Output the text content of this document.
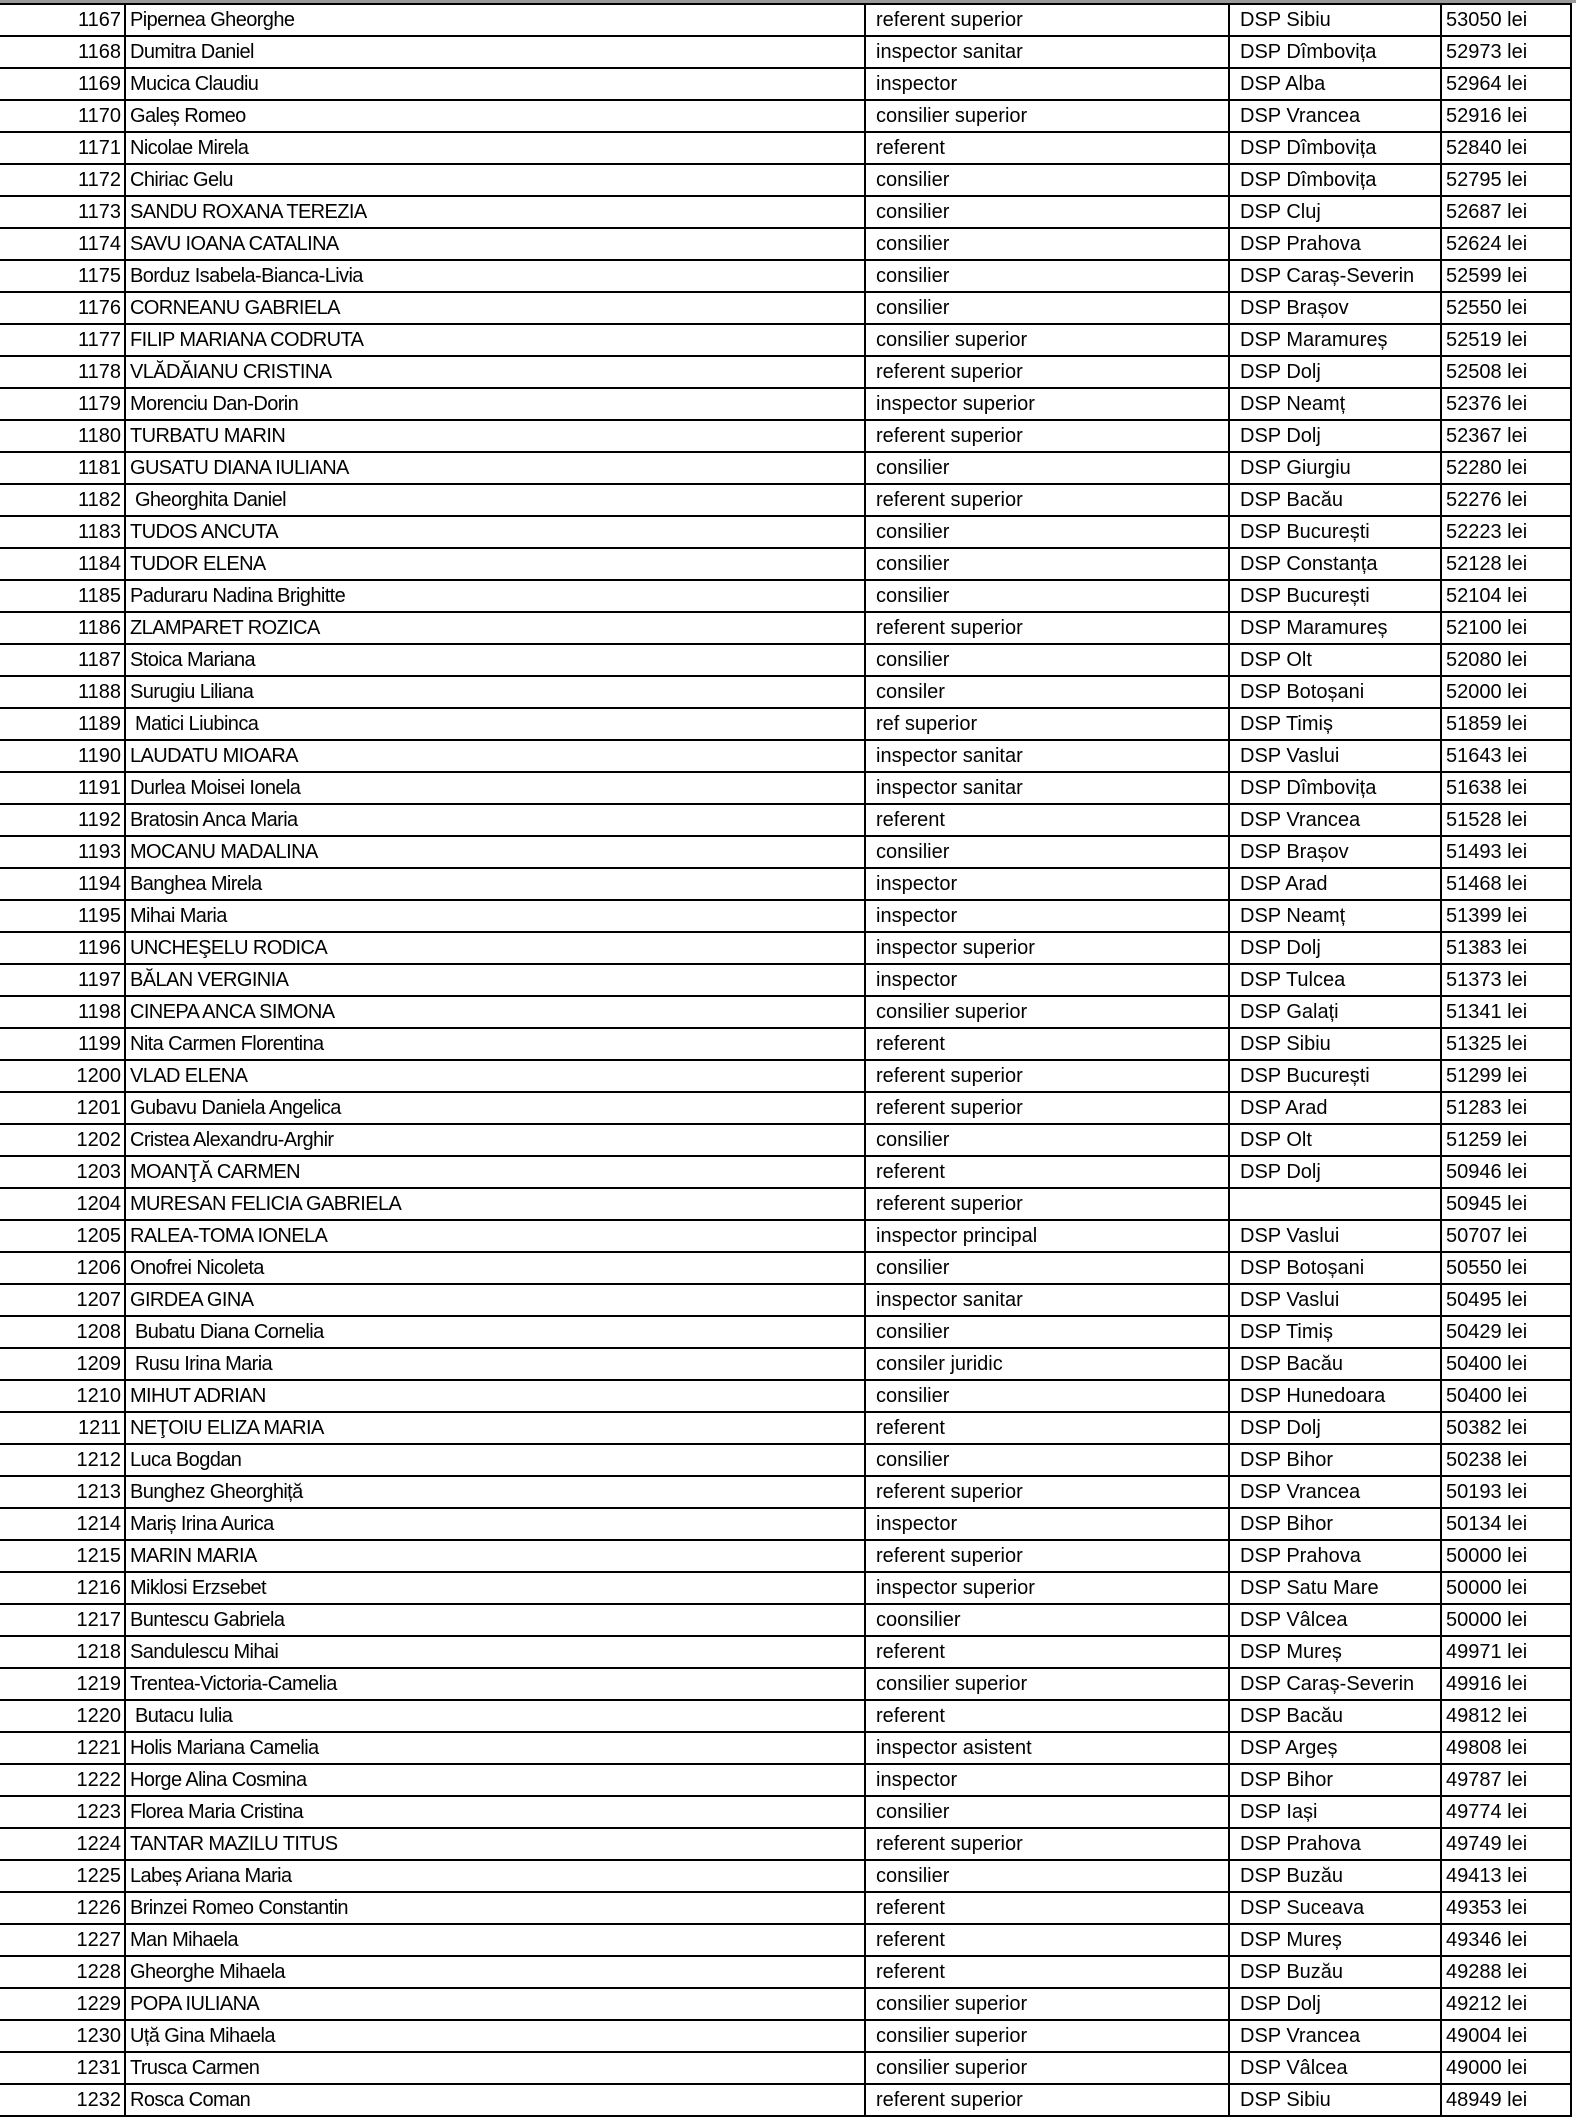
1167	Pipernea Gheorghe	referent superior	DSP Sibiu	53050 lei
1168	Dumitra Daniel	inspector sanitar	DSP Dîmbovița	52973 lei
1169	Mucica Claudiu	inspector	DSP Alba	52964 lei
1170	Galeș Romeo	consilier superior	DSP Vrancea	52916 lei
1171	Nicolae Mirela	referent	DSP Dîmbovița	52840 lei
1172	Chiriac Gelu	consilier	DSP Dîmbovița	52795 lei
1173	SANDU ROXANA TEREZIA	consilier	DSP Cluj	52687 lei
1174	SAVU IOANA CATALINA	consilier	DSP Prahova	52624 lei
1175	Borduz Isabela-Bianca-Livia	consilier	DSP Caraș-Severin	52599 lei
1176	CORNEANU GABRIELA	consilier	DSP Brașov	52550 lei
1177	FILIP MARIANA CODRUTA	consilier superior	DSP Maramureș	52519 lei
1178	VLĂDĂIANU CRISTINA	referent superior	DSP Dolj	52508 lei
1179	Morenciu Dan-Dorin	inspector superior	DSP Neamț	52376 lei
1180	TURBATU MARIN	referent superior	DSP Dolj	52367 lei
1181	GUSATU DIANA IULIANA	consilier	DSP Giurgiu	52280 lei
1182	Gheorghita Daniel	referent superior	DSP Bacău	52276 lei
1183	TUDOS ANCUTA	consilier	DSP București	52223 lei
1184	TUDOR ELENA	consilier	DSP Constanța	52128 lei
1185	Paduraru Nadina Brighitte	consilier	DSP București	52104 lei
1186	ZLAMPARET ROZICA	referent superior	DSP Maramureș	52100 lei
1187	Stoica Mariana	consilier	DSP Olt	52080 lei
1188	Surugiu Liliana	consiler	DSP Botoșani	52000 lei
1189	Matici Liubinca	ref superior	DSP Timiș	51859 lei
1190	LAUDATU MIOARA	inspector sanitar	DSP Vaslui	51643 lei
1191	Durlea Moisei Ionela	inspector sanitar	DSP Dîmbovița	51638 lei
1192	Bratosin Anca Maria	referent	DSP Vrancea	51528 lei
1193	MOCANU MADALINA	consilier	DSP Brașov	51493 lei
1194	Banghea Mirela	inspector	DSP Arad	51468 lei
1195	Mihai Maria	inspector	DSP Neamț	51399 lei
1196	UNCHEŞELU RODICA	inspector superior	DSP Dolj	51383 lei
1197	BĂLAN VERGINIA	inspector	DSP Tulcea	51373 lei
1198	CINEPA ANCA SIMONA	consilier superior	DSP Galați	51341 lei
1199	Nita Carmen Florentina	referent	DSP Sibiu	51325 lei
1200	VLAD ELENA	referent superior	DSP București	51299 lei
1201	Gubavu Daniela Angelica	referent superior	DSP Arad	51283 lei
1202	Cristea Alexandru-Arghir	consilier	DSP Olt	51259 lei
1203	MOANŢĂ CARMEN	referent	DSP Dolj	50946 lei
1204	MURESAN FELICIA GABRIELA	referent superior		50945 lei
1205	RALEA-TOMA IONELA	inspector principal	DSP Vaslui	50707 lei
1206	Onofrei Nicoleta	consilier	DSP Botoșani	50550 lei
1207	GIRDEA GINA	inspector sanitar	DSP Vaslui	50495 lei
1208	Bubatu Diana Cornelia	consilier	DSP Timiș	50429 lei
1209	Rusu Irina Maria	consiler juridic	DSP Bacău	50400 lei
1210	MIHUT ADRIAN	consilier	DSP Hunedoara	50400 lei
1211	NEŢOIU ELIZA MARIA	referent	DSP Dolj	50382 lei
1212	Luca Bogdan	consilier	DSP Bihor	50238 lei
1213	Bunghez Gheorghiță	referent superior	DSP Vrancea	50193 lei
1214	Mariș Irina Aurica	inspector	DSP Bihor	50134 lei
1215	MARIN MARIA	referent superior	DSP Prahova	50000 lei
1216	Miklosi Erzsebet	inspector superior	DSP Satu Mare	50000 lei
1217	Buntescu Gabriela	coonsilier	DSP Vâlcea	50000 lei
1218	Sandulescu Mihai	referent	DSP Mureș	49971 lei
1219	Trentea-Victoria-Camelia	consilier superior	DSP Caraș-Severin	49916 lei
1220	Butacu Iulia	referent	DSP Bacău	49812 lei
1221	Holis Mariana Camelia	inspector asistent	DSP Argeș	49808 lei
1222	Horge Alina Cosmina	inspector	DSP Bihor	49787 lei
1223	Florea Maria Cristina	consilier	DSP Iași	49774 lei
1224	TANTAR MAZILU TITUS	referent superior	DSP Prahova	49749 lei
1225	Labeș Ariana Maria	consilier	DSP Buzău	49413 lei
1226	Brinzei Romeo Constantin	referent	DSP Suceava	49353 lei
1227	Man Mihaela	referent	DSP Mureș	49346 lei
1228	Gheorghe Mihaela	referent	DSP Buzău	49288 lei
1229	POPA IULIANA	consilier superior	DSP Dolj	49212 lei
1230	Uță Gina Mihaela	consilier superior	DSP Vrancea	49004 lei
1231	Trusca Carmen	consilier superior	DSP Vâlcea	49000 lei
1232	Rosca Coman	referent superior	DSP Sibiu	48949 lei
